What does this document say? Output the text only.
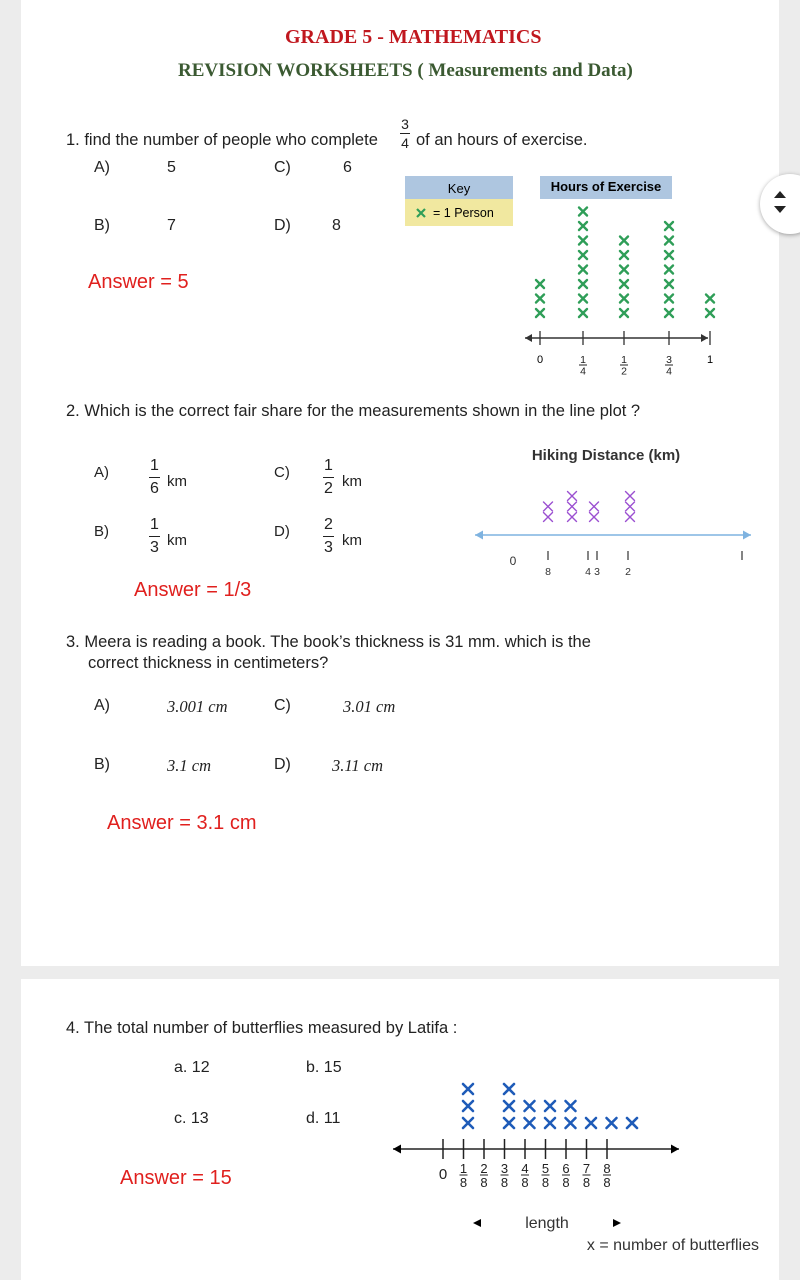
GRADE 5 - MATHEMATICS
REVISION WORKSHEETS ( Measurements and Data)
1. find the number of people who complete
3
4 of an hours of exercise.
A)	5	C)	6
B)	7	D)	8
Answer = 5
Key
= 1 Person
Hours of Exercise
0	1
4
1
2
3
4
1
2. Which is the correct fair share for the measurements shown in the line plot ?
A)	1
6 km
C) 1
2 km
B)	1
3 km
D) 2
3 km
Answer = 1/3
Hiking Distance (km)
0
8	4 3 2
3. Meera is reading a book. The book’s thickness is 31 mm. which is the
correct thickness in centimeters?
A)	3.001 cm	C)	3.01 cm
B)	3.1 cm	D) 3.11 cm
Answer = 3.1 cm
4. The total number of butterflies measured by Latifa :
a. 12	b. 15
c. 13	d. 11
Answer = 15	0 1
8
2
8
3
8
4
8
5
8
6
8
7
8
8
8
length
x = number of butterflies
